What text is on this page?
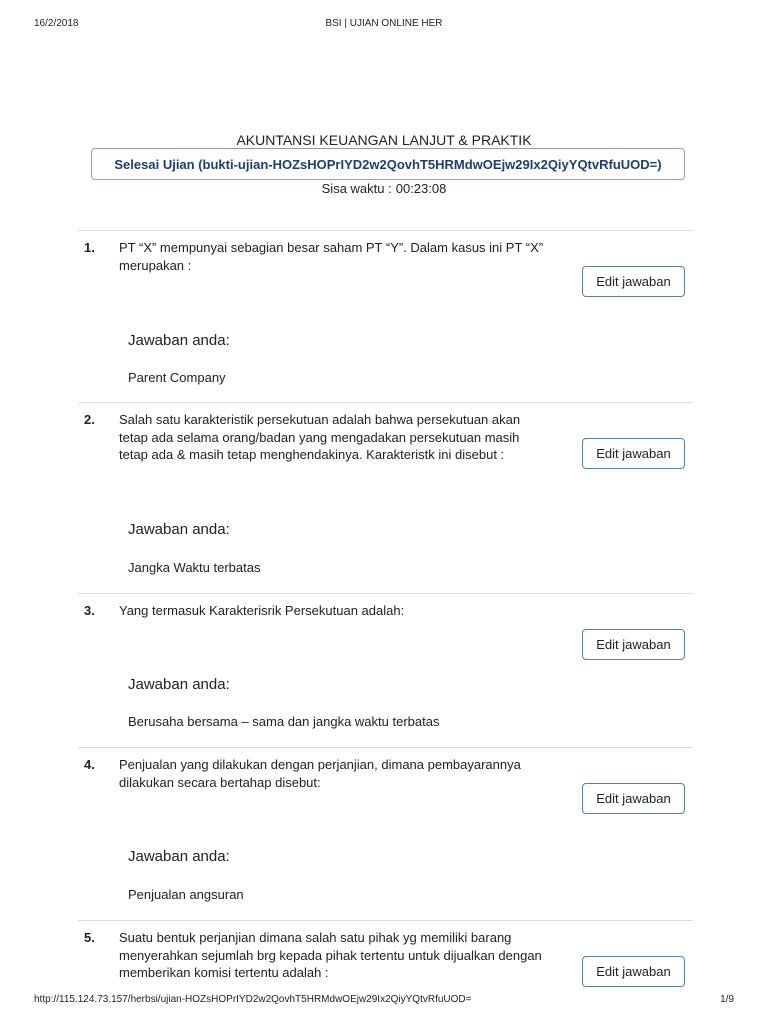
16/2/2018	BSI | UJIAN ONLINE HER
AKUNTANSI KEUANGAN LANJUT & PRAKTIK
Selesai Ujian (bukti-ujian-HOZsHOPrIYD2w2QovhT5HRMdwOEjw29Ix2QiyYQtvRfuUOD=)
Sisa waktu : 00:23:08
1. PT “X” mempunyai sebagian besar saham PT “Y”. Dalam kasus ini PT “X” merupakan :
Edit jawaban
Jawaban anda:
Parent Company
2. Salah satu karakteristik persekutuan adalah bahwa persekutuan akan tetap ada selama orang/badan yang mengadakan persekutuan masih tetap ada & masih tetap menghendakinya. Karakteristk ini disebut :	Edit jawaban
Jawaban anda:
Jangka Waktu terbatas
3. Yang termasuk Karakterisrik Persekutuan adalah:
Edit jawaban
Jawaban anda:
Berusaha bersama – sama dan jangka waktu terbatas
4. Penjualan yang dilakukan dengan perjanjian, dimana pembayarannya dilakukan secara bertahap disebut:
Edit jawaban
Jawaban anda:
Penjualan angsuran
5. Suatu bentuk perjanjian dimana salah satu pihak yg memiliki barang menyerahkan sejumlah brg kepada pihak tertentu untuk dijualkan dengan memberikan komisi tertentu adalah :	Edit jawaban
http://115.124.73.157/herbsi/ujian-HOZsHOPrIYD2w2QovhT5HRMdwOEjw29Ix2QiyYQtvRfuUOD=	1/9
